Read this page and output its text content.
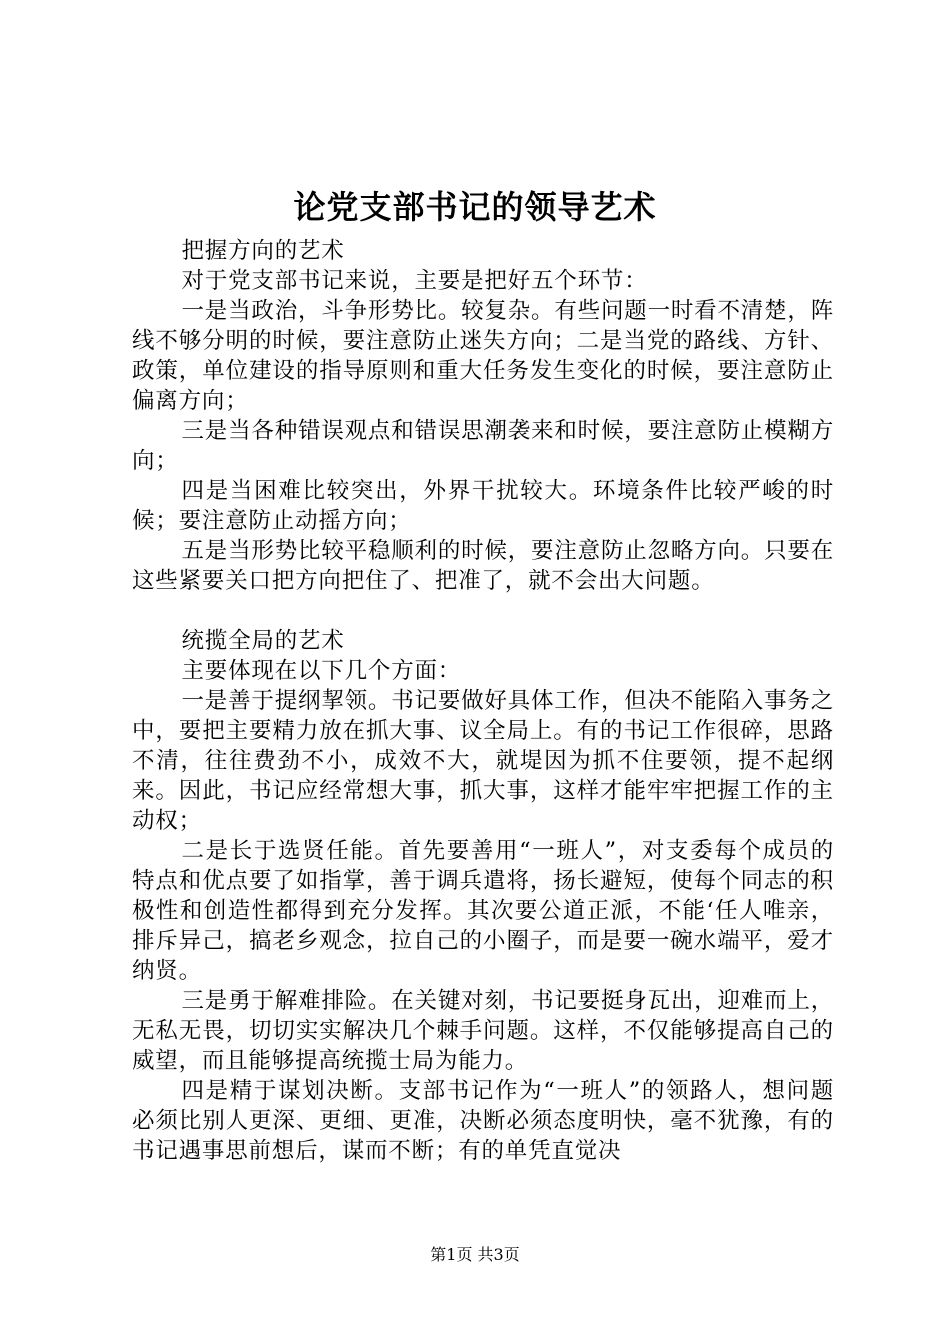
论党支部书记的领导艺术

把握方向的艺术

对于党支部书记来说，主要是把好五个环节：

一是当政治，斗争形势比。较复杂。有些问题一时看不清楚，阵线不够分明的时候，要注意防止迷失方向；二是当党的路线、方针、政策，单位建设的指导原则和重大任务发生变化的时候，要注意防止偏离方向；

三是当各种错误观点和错误思潮袭来和时候，要注意防止模糊方向；

四是当困难比较突出，外界干扰较大。环境条件比较严峻的时候；要注意防止动摇方向；

五是当形势比较平稳顺利的时候，要注意防止忽略方向。只要在这些紧要关口把方向把住了、把准了，就不会出大问题。

统揽全局的艺术

主要体现在以下几个方面：

一是善于提纲挈领。书记要做好具体工作，但决不能陷入事务之中，要把主要精力放在抓大事、议全局上。有的书记工作很碎，思路不清，往往费劲不小，成效不大，就堤因为抓不住要领，提不起纲来。因此，书记应经常想大事，抓大事，这样才能牢牢把握工作的主动权；

二是长于选贤任能。首先要善用“一班人”，对支委每个成员的特点和优点要了如指掌，善于调兵遣将，扬长避短，使每个同志的积极性和创造性都得到充分发挥。其次要公道正派，不能‘任人唯亲，排斥异己，搞老乡观念，拉自己的小圈子，而是要一碗水端平，爱才纳贤。

三是勇于解难排险。在关键对刻，书记要挺身瓦出，迎难而上，无私无畏，切切实实解决几个棘手问题。这样，不仅能够提高自己的威望，而且能够提高统揽士局为能力。

四是精于谋划决断。支部书记作为“一班人”的领路人，想问题必须比别人更深、更细、更准，决断必须态度明快，毫不犹豫，有的书记遇事思前想后，谋而不断；有的单凭直觉决

第1页 共3页
